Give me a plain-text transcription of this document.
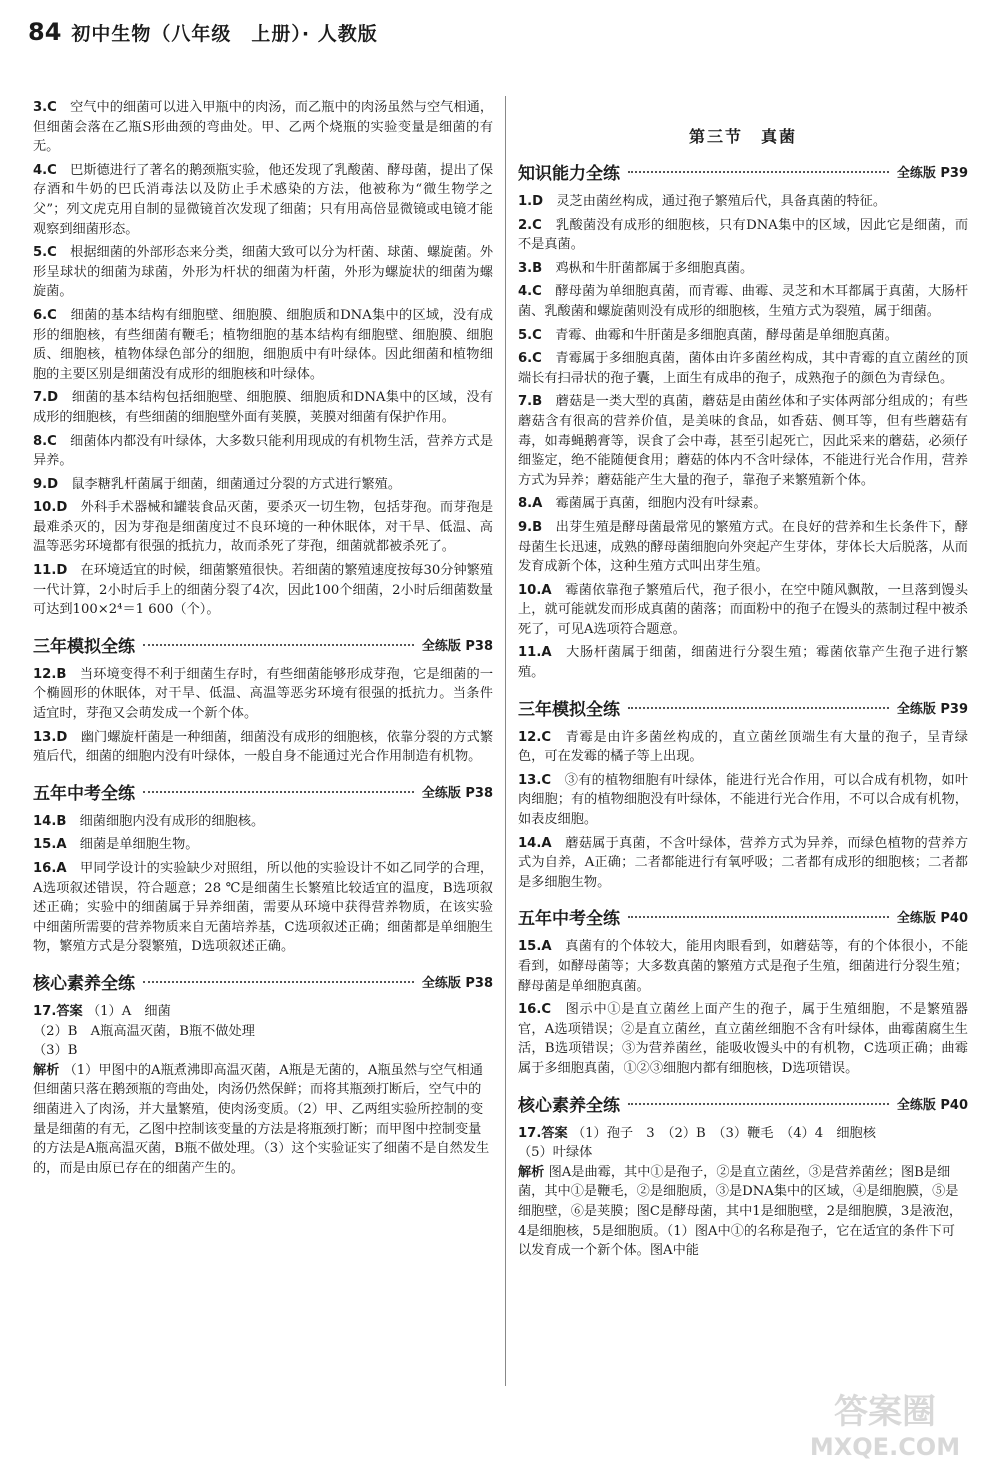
84 初中生物（八年级　上册）· 人教版
3.C　 空气中的细菌可以进入甲瓶中的肉汤，而乙瓶中的肉汤虽然与空气相通，但细菌会落在乙瓶S形曲颈的弯曲处。甲、乙两个烧瓶的实验变量是细菌的有无。
4.C　 巴斯德进行了著名的鹅颈瓶实验，他还发现了乳酸菌、酵母菌，提出了保存酒和牛奶的巴氏消毒法以及防止手术感染的方法，他被称为“微生物学之父”；列文虎克用自制的显微镜首次发现了细菌；只有用高倍显微镜或电镜才能观察到细菌形态。
5.C　 根据细菌的外部形态来分类，细菌大致可以分为杆菌、球菌、螺旋菌。外形呈球状的细菌为球菌，外形为杆状的细菌为杆菌，外形为螺旋状的细菌为螺旋菌。
6.C　 细菌的基本结构有细胞壁、细胞膜、细胞质和DNA集中的区域，没有成形的细胞核，有些细菌有鞭毛；植物细胞的基本结构有细胞壁、细胞膜、细胞质、细胞核，植物体绿色部分的细胞，细胞质中有叶绿体。因此细菌和植物细胞的主要区别是细菌没有成形的细胞核和叶绿体。
7.D　 细菌的基本结构包括细胞壁、细胞膜、细胞质和DNA集中的区域，没有成形的细胞核，有些细菌的细胞壁外面有荚膜，荚膜对细菌有保护作用。
8.C　 细菌体内都没有叶绿体，大多数只能利用现成的有机物生活，营养方式是异养。
9.D　 鼠李糖乳杆菌属于细菌，细菌通过分裂的方式进行繁殖。
10.D　 外科手术器械和罐装食品灭菌，要杀灭一切生物，包括芽孢。而芽孢是最难杀灭的，因为芽孢是细菌度过不良环境的一种休眠体，对干旱、低温、高温等恶劣环境都有很强的抵抗力，故而杀死了芽孢，细菌就都被杀死了。
11.D　 在环境适宜的时候，细菌繁殖很快。若细菌的繁殖速度按每30分钟繁殖一代计算，2小时后手上的细菌分裂了4次，因此100个细菌，2小时后细菌数量可达到100×2⁴＝1 600（个）。
三年模拟全练	全练版 P38
12.B　 当环境变得不利于细菌生存时，有些细菌能够形成芽孢，它是细菌的一个椭圆形的休眠体，对干旱、低温、高温等恶劣环境有很强的抵抗力。当条件适宜时，芽孢又会萌发成一个新个体。
13.D　 幽门螺旋杆菌是一种细菌，细菌没有成形的细胞核，依靠分裂的方式繁殖后代，细菌的细胞内没有叶绿体，一般自身不能通过光合作用制造有机物。
五年中考全练	全练版 P38
14.B　 细菌细胞内没有成形的细胞核。
15.A　 细菌是单细胞生物。
16.A　 甲同学设计的实验缺少对照组，所以他的实验设计不如乙同学的合理，A选项叙述错误，符合题意；28 ℃是细菌生长繁殖比较适宜的温度，B选项叙述正确；实验中的细菌属于异养细菌，需要从环境中获得营养物质，在该实验中细菌所需要的营养物质来自无菌培养基，C选项叙述正确；细菌都是单细胞生物，繁殖方式是分裂繁殖，D选项叙述正确。
核心素养全练	全练版 P38
17.答案 （1）A　细菌
（2）B　A瓶高温灭菌，B瓶不做处理
（3）B
解析 （1）甲图中的A瓶煮沸即高温灭菌，A瓶是无菌的，A瓶虽然与空气相通但细菌只落在鹅颈瓶的弯曲处，肉汤仍然保鲜；而将其瓶颈打断后，空气中的细菌进入了肉汤，并大量繁殖，使肉汤变质。（2）甲、乙两组实验所控制的变量是细菌的有无，乙图中控制该变量的方法是将瓶颈打断；而甲图中控制变量的方法是A瓶高温灭菌，B瓶不做处理。（3）这个实验证实了细菌不是自然发生的，而是由原已存在的细菌产生的。
第三节　真菌
知识能力全练	全练版 P39
1.D　 灵芝由菌丝构成，通过孢子繁殖后代，具备真菌的特征。
2.C　 乳酸菌没有成形的细胞核，只有DNA集中的区域，因此它是细菌，而不是真菌。
3.B　 鸡枞和牛肝菌都属于多细胞真菌。
4.C　 酵母菌为单细胞真菌，而青霉、曲霉、灵芝和木耳都属于真菌，大肠杆菌、乳酸菌和螺旋菌则没有成形的细胞核，生殖方式为裂殖，属于细菌。
5.C　 青霉、曲霉和牛肝菌是多细胞真菌，酵母菌是单细胞真菌。
6.C　 青霉属于多细胞真菌，菌体由许多菌丝构成，其中青霉的直立菌丝的顶端长有扫帚状的孢子囊，上面生有成串的孢子，成熟孢子的颜色为青绿色。
7.B　 蘑菇是一类大型的真菌，蘑菇是由菌丝体和子实体两部分组成的；有些蘑菇含有很高的营养价值，是美味的食品，如香菇、侧耳等，但有些蘑菇有毒，如毒蝇鹅膏等，误食了会中毒，甚至引起死亡，因此采来的蘑菇，必须仔细鉴定，绝不能随便食用；蘑菇的体内不含叶绿体，不能进行光合作用，营养方式为异养；蘑菇能产生大量的孢子，靠孢子来繁殖新个体。
8.A　 霉菌属于真菌，细胞内没有叶绿素。
9.B　 出芽生殖是酵母菌最常见的繁殖方式。在良好的营养和生长条件下，酵母菌生长迅速，成熟的酵母菌细胞向外突起产生芽体，芽体长大后脱落，从而发育成新个体，这种生殖方式叫出芽生殖。
10.A　 霉菌依靠孢子繁殖后代，孢子很小，在空中随风飘散，一旦落到馒头上，就可能就发而形成真菌的菌落；而面粉中的孢子在馒头的蒸制过程中被杀死了，可见A选项符合题意。
11.A　 大肠杆菌属于细菌，细菌进行分裂生殖；霉菌依靠产生孢子进行繁殖。
三年模拟全练	全练版 P39
12.C　 青霉是由许多菌丝构成的，直立菌丝顶端生有大量的孢子，呈青绿色，可在发霉的橘子等上出现。
13.C　 ③有的植物细胞有叶绿体，能进行光合作用，可以合成有机物，如叶肉细胞；有的植物细胞没有叶绿体，不能进行光合作用，不可以合成有机物，如表皮细胞。
14.A　 蘑菇属于真菌，不含叶绿体，营养方式为异养，而绿色植物的营养方式为自养，A正确；二者都能进行有氧呼吸；二者都有成形的细胞核；二者都是多细胞生物。
五年中考全练	全练版 P40
15.A　 真菌有的个体较大，能用肉眼看到，如蘑菇等，有的个体很小，不能看到，如酵母菌等；大多数真菌的繁殖方式是孢子生殖，细菌进行分裂生殖；酵母菌是单细胞真菌。
16.C　 图示中①是直立菌丝上面产生的孢子，属于生殖细胞，不是繁殖器官，A选项错误；②是直立菌丝，直立菌丝细胞不含有叶绿体，曲霉菌腐生生活，B选项错误；③为营养菌丝，能吸收馒头中的有机物，C选项正确；曲霉属于多细胞真菌，①②③细胞内都有细胞核，D选项错误。
核心素养全练	全练版 P40
17.答案 （1）孢子　3　（2）B　（3）鞭毛　（4）4　细胞核
（5）叶绿体
解析 图A是曲霉，其中①是孢子，②是直立菌丝，③是营养菌丝；图B是细菌，其中①是鞭毛，②是细胞质，③是DNA集中的区域，④是细胞膜，⑤是细胞壁，⑥是荚膜；图C是酵母菌，其中1是细胞壁，2是细胞膜，3是液泡，4是细胞核，5是细胞质。（1）图A中①的名称是孢子，它在适宜的条件下可以发育成一个新个体。图A中能
答案圈
MXQE.COM
